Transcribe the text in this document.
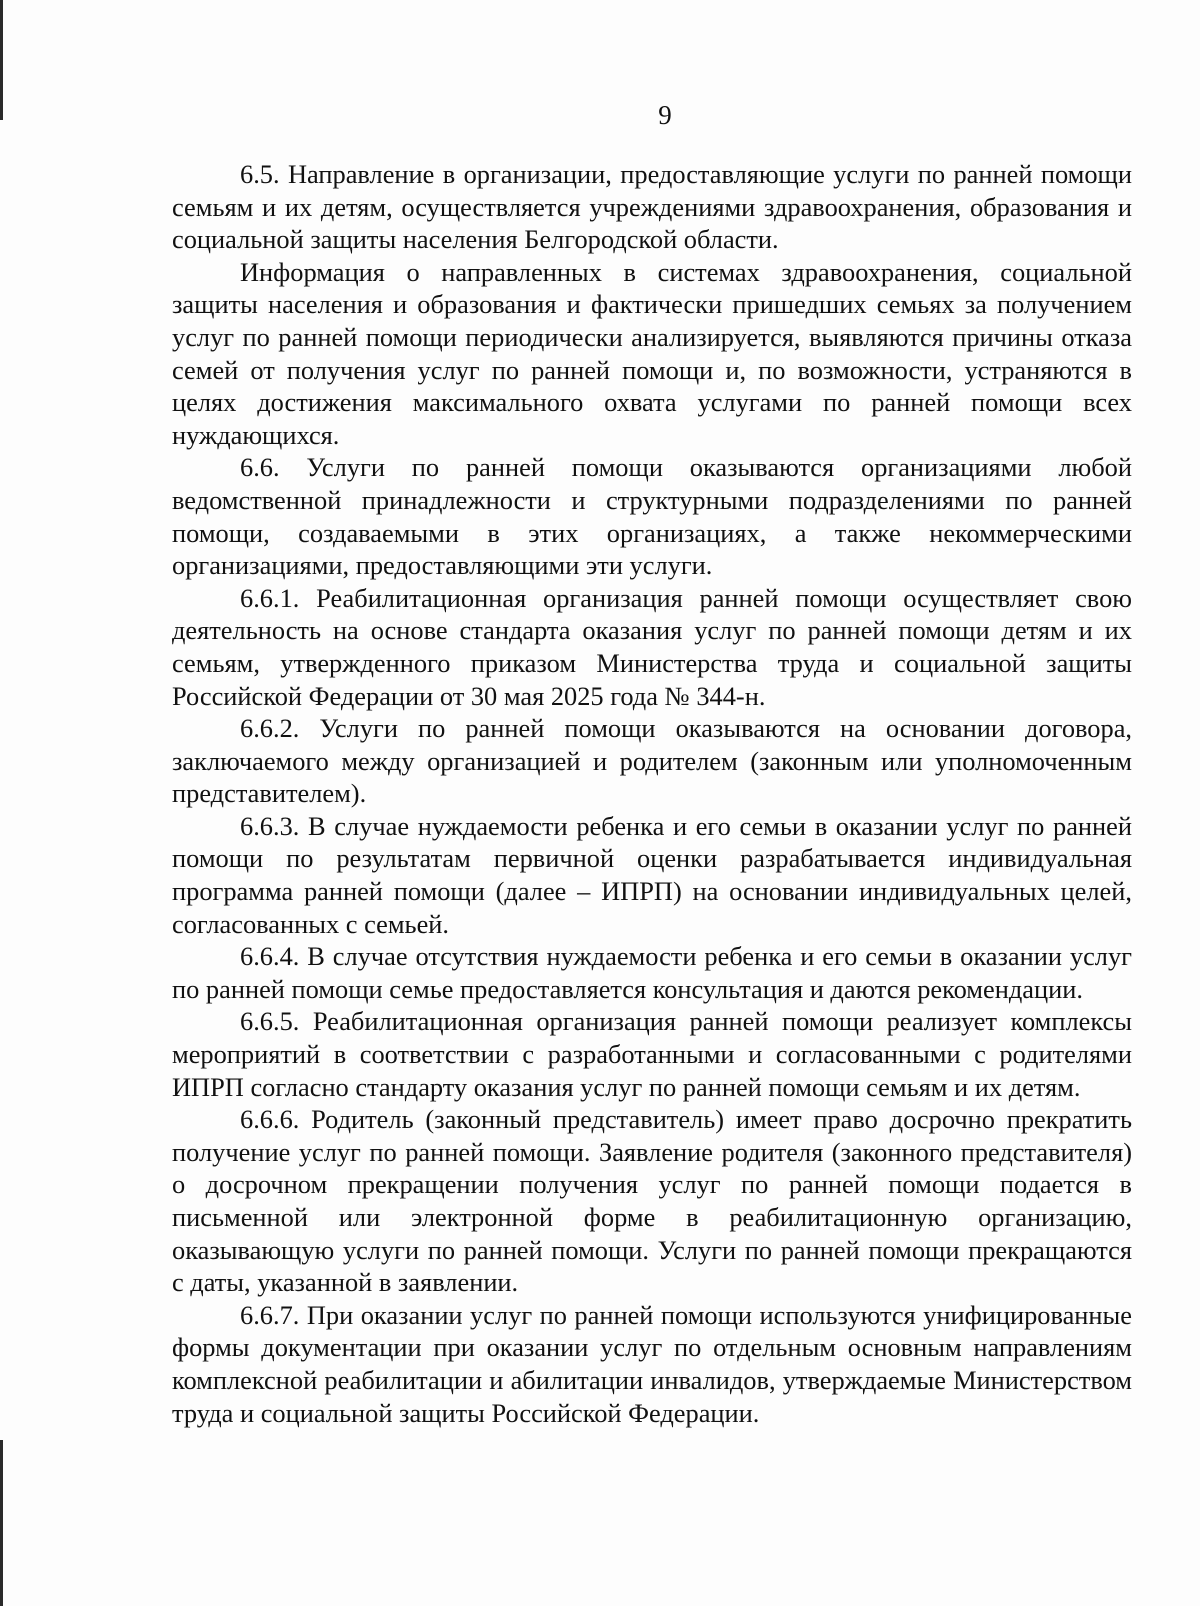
9

6.5. Направление в организации, предоставляющие услуги по ранней помощи семьям и их детям, осуществляется учреждениями здравоохранения, образования и социальной защиты населения Белгородской области.

Информация о направленных в системах здравоохранения, социальной защиты населения и образования и фактически пришедших семьях за получением услуг по ранней помощи периодически анализируется, выявляются причины отказа семей от получения услуг по ранней помощи и, по возможности, устраняются в целях достижения максимального охвата услугами по ранней помощи всех нуждающихся.

6.6. Услуги по ранней помощи оказываются организациями любой ведомственной принадлежности и структурными подразделениями по ранней помощи, создаваемыми в этих организациях, а также некоммерческими организациями, предоставляющими эти услуги.

6.6.1. Реабилитационная организация ранней помощи осуществляет свою деятельность на основе стандарта оказания услуг по ранней помощи детям и их семьям, утвержденного приказом Министерства труда и социальной защиты Российской Федерации от 30 мая 2025 года № 344-н.

6.6.2. Услуги по ранней помощи оказываются на основании договора, заключаемого между организацией и родителем (законным или уполномоченным представителем).

6.6.3. В случае нуждаемости ребенка и его семьи в оказании услуг по ранней помощи по результатам первичной оценки разрабатывается индивидуальная программа ранней помощи (далее – ИПРП) на основании индивидуальных целей, согласованных с семьей.

6.6.4. В случае отсутствия нуждаемости ребенка и его семьи в оказании услуг по ранней помощи семье предоставляется консультация и даются рекомендации.

6.6.5. Реабилитационная организация ранней помощи реализует комплексы мероприятий в соответствии с разработанными и согласованными с родителями ИПРП согласно стандарту оказания услуг по ранней помощи семьям и их детям.

6.6.6. Родитель (законный представитель) имеет право досрочно прекратить получение услуг по ранней помощи. Заявление родителя (законного представителя) о досрочном прекращении получения услуг по ранней помощи подается в письменной или электронной форме в реабилитационную организацию, оказывающую услуги по ранней помощи. Услуги по ранней помощи прекращаются с даты, указанной в заявлении.

6.6.7. При оказании услуг по ранней помощи используются унифицированные формы документации при оказании услуг по отдельным основным направлениям комплексной реабилитации и абилитации инвалидов, утверждаемые Министерством труда и социальной защиты Российской Федерации.
